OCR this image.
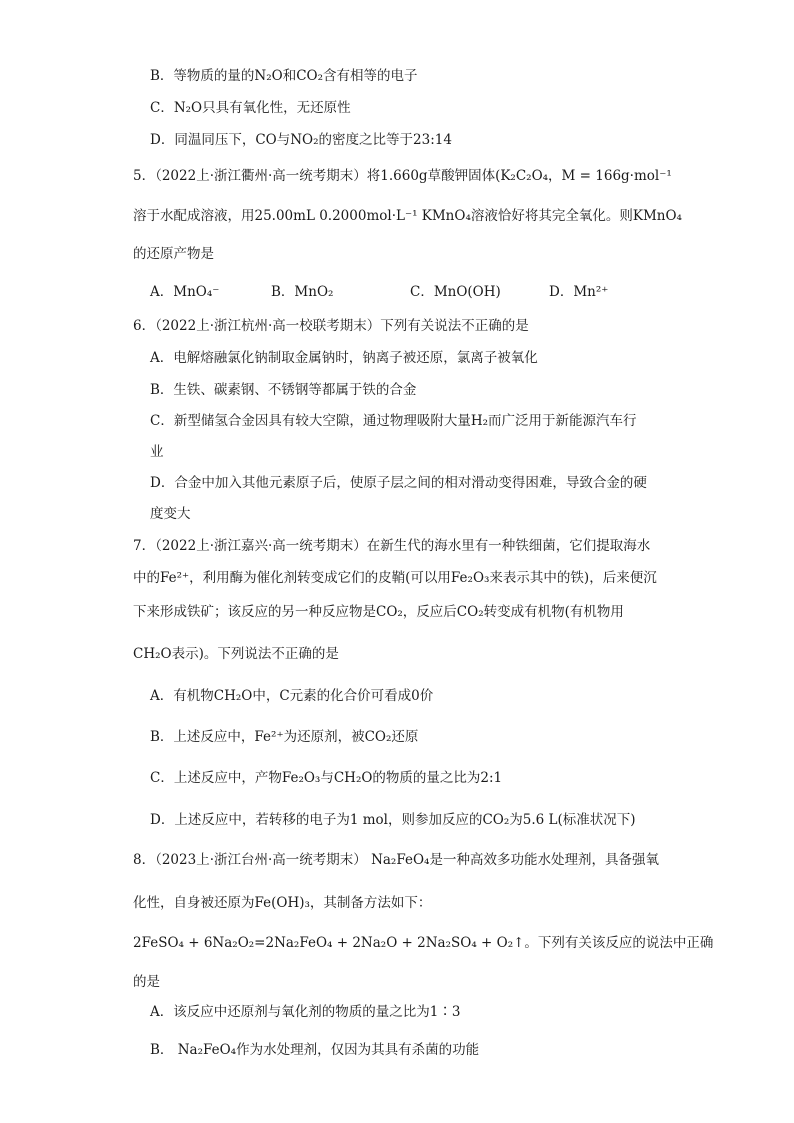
B．等物质的量的N₂O和CO₂含有相等的电子
C．N₂O只具有氧化性，无还原性
D．同温同压下，CO与NO₂的密度之比等于23:14
5．（2022上·浙江衢州·高一统考期末）将1.660g草酸钾固体(K₂C₂O₄，M = 166g·mol⁻¹
溶于水配成溶液，用25.00mL 0.2000mol·L⁻¹ KMnO₄溶液恰好将其完全氧化。则KMnO₄
的还原产物是
A．MnO₄⁻	B．MnO₂	C．MnO(OH)	D．Mn²⁺
6．（2022上·浙江杭州·高一校联考期末）下列有关说法不正确的是
A．电解熔融氯化钠制取金属钠时，钠离子被还原，氯离子被氧化
B．生铁、碳素钢、不锈钢等都属于铁的合金
C．新型储氢合金因具有较大空隙，通过物理吸附大量H₂而广泛用于新能源汽车行
业
D．合金中加入其他元素原子后，使原子层之间的相对滑动变得困难，导致合金的硬
度变大
7．（2022上·浙江嘉兴·高一统考期末）在新生代的海水里有一种铁细菌，它们提取海水
中的Fe²⁺，利用酶为催化剂转变成它们的皮鞘(可以用Fe₂O₃来表示其中的铁)，后来便沉
下来形成铁矿；该反应的另一种反应物是CO₂，反应后CO₂转变成有机物(有机物用
CH₂O表示)。下列说法不正确的是
A．有机物CH₂O中，C元素的化合价可看成0价
B．上述反应中，Fe²⁺为还原剂，被CO₂还原
C．上述反应中，产物Fe₂O₃与CH₂O的物质的量之比为2:1
D．上述反应中，若转移的电子为1 mol，则参加反应的CO₂为5.6 L(标准状况下)
8．（2023上·浙江台州·高一统考期末） Na₂FeO₄是一种高效多功能水处理剂，具备强氧
化性，自身被还原为Fe(OH)₃，其制备方法如下：
2FeSO₄ + 6Na₂O₂=2Na₂FeO₄ + 2Na₂O + 2Na₂SO₄ + O₂↑。下列有关该反应的说法中正确
的是
A．该反应中还原剂与氧化剂的物质的量之比为1∶3
B． Na₂FeO₄作为水处理剂，仅因为其具有杀菌的功能
